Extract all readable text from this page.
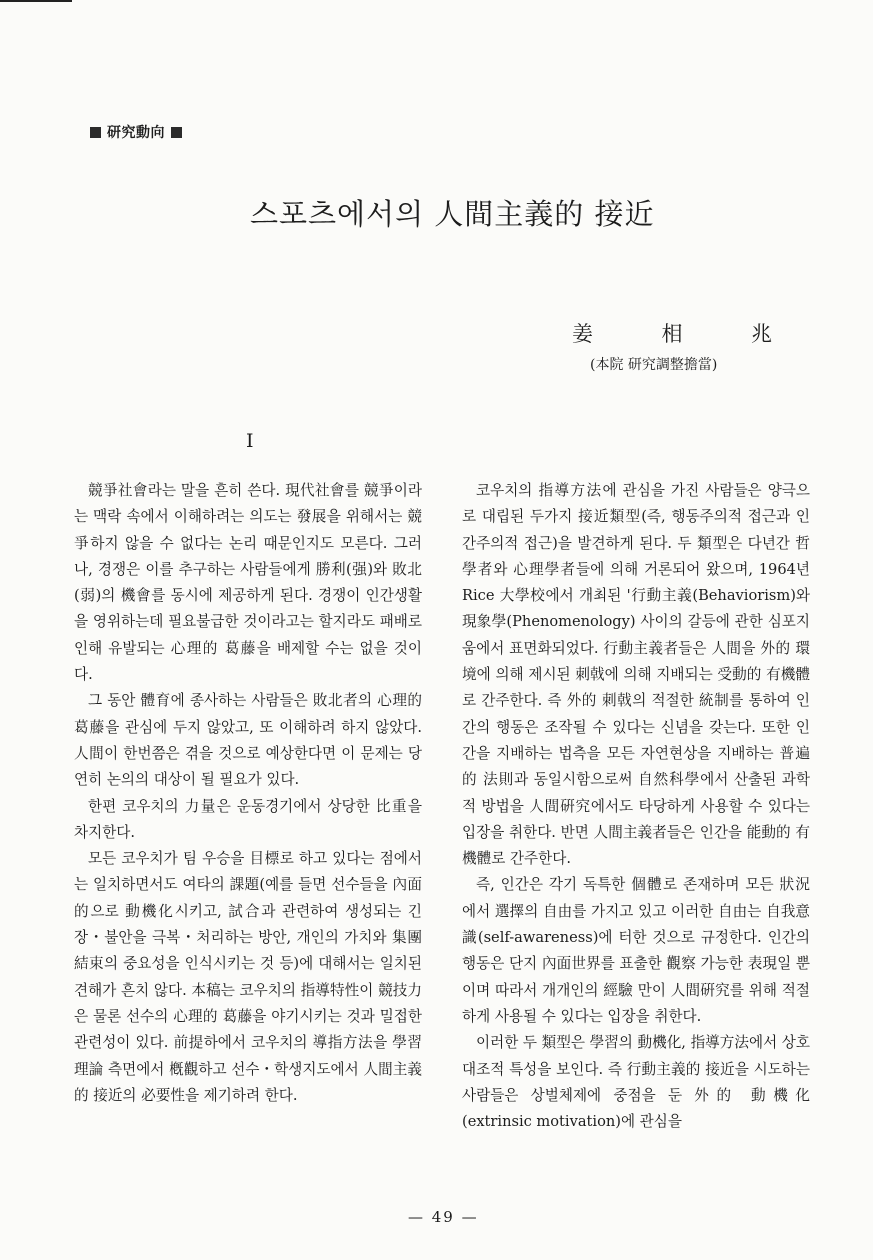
研究動向
스포츠에서의 人間主義的 接近
姜	相	兆
(本院 研究調整擔當)
I

競爭社會라는 말을 흔히 쓴다. 現代社會를 競爭이라는 맥락 속에서 이해하려는 의도는 發展을 위해서는 競爭하지 않을 수 없다는 논리 때문인지도 모른다. 그러나, 경쟁은 이를 추구하는 사람들에게 勝利(强)와 敗北(弱)의 機會를 동시에 제공하게 된다. 경쟁이 인간생활을 영위하는데 필요불급한 것이라고는 할지라도 패배로 인해 유발되는 心理的 葛藤을 배제할 수는 없을 것이다.

그 동안 體育에 종사하는 사람들은 敗北者의 心理的 葛藤을 관심에 두지 않았고, 또 이해하려 하지 않았다. 人間이 한번쯤은 겪을 것으로 예상한다면 이 문제는 당연히 논의의 대상이 될 필요가 있다.

한편 코우치의 力量은 운동경기에서 상당한 比重을 차지한다.

모든 코우치가 팀 우승을 目標로 하고 있다는 점에서는 일치하면서도 여타의 課題(예를 들면 선수들을 內面的으로 動機化시키고, 試合과 관련하여 생성되는 긴장・불안을 극복・처리하는 방안, 개인의 가치와 集團結束의 중요성을 인식시키는 것 등)에 대해서는 일치된 견해가 흔치 않다. 本稿는 코우치의 指導特性이 競技力은 물론 선수의 心理的 葛藤을 야기시키는 것과 밀접한 관련성이 있다. 前提하에서 코우치의 導指方法을 學習理論 측면에서 槪觀하고 선수・학생지도에서 人間主義的 接近의 必要性을 제기하려 한다.

코우치의 指導方法에 관심을 가진 사람들은 양극으로 대립된 두가지 接近類型(즉, 행동주의적 접근과 인간주의적 접근)을 발견하게 된다. 두 類型은 다년간 哲學者와 心理學者들에 의해 거론되어 왔으며, 1964년 Rice 大學校에서 개최된 '行動主義(Behaviorism)와 現象學(Phenomenology) 사이의 갈등에 관한 심포지움에서 표면화되었다. 行動主義者들은 人間을 外的 環境에 의해 제시된 刺戟에 의해 지배되는 受動的 有機體로 간주한다. 즉 外的 刺戟의 적절한 統制를 통하여 인간의 행동은 조작될 수 있다는 신념을 갖는다. 또한 인간을 지배하는 법측을 모든 자연현상을 지배하는 普遍的 法則과 동일시함으로써 自然科學에서 산출된 과학적 방법을 人間硏究에서도 타당하게 사용할 수 있다는 입장을 취한다. 반면 人間主義者들은 인간을 能動的 有機體로 간주한다.

즉, 인간은 각기 독특한 個體로 존재하며 모든 狀況에서 選擇의 自由를 가지고 있고 이러한 自由는 自我意識(self-awareness)에 터한 것으로 규정한다. 인간의 행동은 단지 內面世界를 표출한 觀察 가능한 表現일 뿐이며 따라서 개개인의 經驗 만이 人間硏究를 위해 적절하게 사용될 수 있다는 입장을 취한다.

이러한 두 類型은 學習의 動機化, 指導方法에서 상호 대조적 특성을 보인다. 즉 行動主義的 接近을 시도하는 사람들은 상벌체제에 중점을 둔 外的 動機化(extrinsic motivation)에 관심을

— 49 —
